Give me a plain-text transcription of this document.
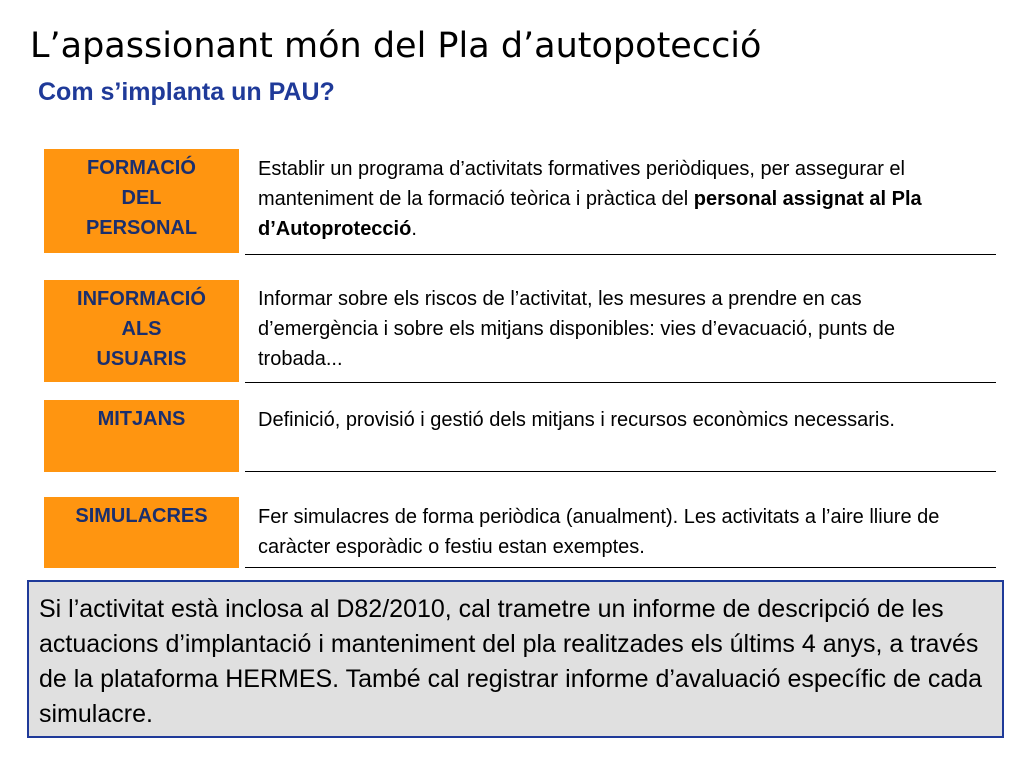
L’apassionant món del Pla d’autopotecció
Com s’implanta un PAU?
FORMACIÓ
DEL
PERSONAL
Establir un programa d’activitats formatives periòdiques, per assegurar el manteniment de la formació teòrica i pràctica del personal assignat al Pla d’Autoprotecció.
INFORMACIÓ
ALS
USUARIS
Informar sobre els riscos de l’activitat, les mesures a prendre en cas d’emergència i sobre els mitjans disponibles: vies d’evacuació, punts de trobada...
MITJANS	Definició, provisió i gestió dels mitjans i recursos econòmics necessaris.
SIMULACRES	Fer simulacres de forma periòdica (anualment). Les activitats a l’aire lliure de caràcter esporàdic o festiu estan exemptes.
Si l’activitat està inclosa al D82/2010, cal trametre un informe de descripció de les actuacions d’implantació i manteniment del pla realitzades els últims 4 anys, a través de la plataforma HERMES. També cal registrar informe d’avaluació específic de cada simulacre.
